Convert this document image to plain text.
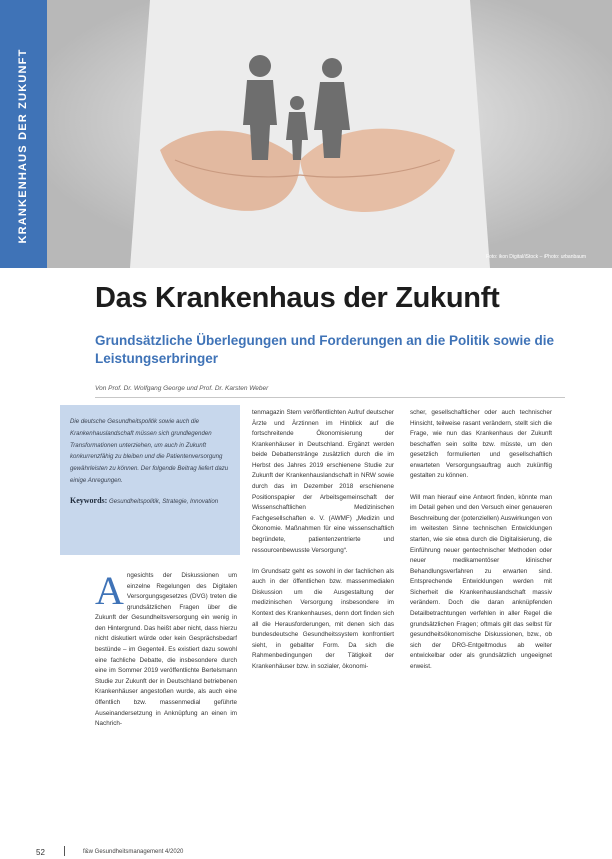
Foto: ikon Digital/iStock – iPhoto: urbanbaum
KRANKENHAUS DER ZUKUNFT
Das Krankenhaus der Zukunft
Grundsätzliche Überlegungen und Forderungen an die Politik sowie die Leistungserbringer

Von Prof. Dr. Wolfgang George und Prof. Dr. Karsten Weber

Die deutsche Gesundheitspolitik sowie auch die Krankenhauslandschaft müssen sich grundlegenden Transformationen unterziehen, um auch in Zukunft konkurrenzfähig zu bleiben und die Patientenversorgung gewährleisten zu können. Der folgende Beitrag liefert dazu einige Anregungen.

Keywords: Gesundheitspolitik, Strategie, Innovation

A ngesichts der Diskussionen um einzelne Regelungen des Digitalen Versorgungsgesetzes (DVG) treten die grundsätzlichen Fragen über die Zukunft der Gesundheitsversorgung ein wenig in den Hintergrund. Das heißt aber nicht, dass hierzu nicht diskutiert würde oder kein Gesprächsbedarf bestünde – im Gegenteil. Es existiert dazu sowohl eine fachliche Debatte, die insbesondere durch eine im Sommer 2019 veröffentlichte Bertelsmann Studie zur Zukunft der in Deutschland betriebenen Krankenhäuser angestoßen wurde, als auch eine öffentlich bzw. massenmedial geführte Auseinandersetzung in Anknüpfung an einen im Nachrich-

tenmagazin Stern veröffentlichten Aufruf deutscher Ärzte und Ärztinnen im Hinblick auf die fortschreitende Ökonomisierung der Krankenhäuser in Deutschland. Ergänzt werden beide Debattenstränge zusätzlich durch die im Herbst des Jahres 2019 erschienene Studie zur Zukunft der Krankenhauslandschaft in NRW sowie durch das im Dezember 2018 erschienene Positionspapier der Arbeitsgemeinschaft der Wissenschaftlichen Medizinischen Fachgesellschaften e. V. (AWMF) „Medizin und Ökonomie. Maßnahmen für eine wissenschaftlich begründete, patientenzentrierte und ressourcenbewusste Versorgung“.

Im Grundsatz geht es sowohl in der fachlichen als auch in der öffentlichen bzw. massenmedialen Diskussion um die Ausgestaltung der medizinischen Versorgung insbesondere im Kontext des Krankenhauses, denn dort finden sich all die Herausforderungen, mit denen sich das bundesdeutsche Gesundheitssystem konfrontiert sieht, in geballter Form. Da sich die Rahmenbedingungen der Tätigkeit der Krankenhäuser bzw. in sozialer, ökonomi-

scher, gesellschaftlicher oder auch technischer Hinsicht, teilweise rasant verändern, stellt sich die Frage, wie nun das Krankenhaus der Zukunft beschaffen sein sollte bzw. müsste, um den gesetzlich formulierten und gesellschaftlich erwarteten Versorgungsauftrag auch zukünftig gestalten zu können.

Will man hierauf eine Antwort finden, könnte man im Detail gehen und den Versuch einer genaueren Beschreibung der (potenziellen) Auswirkungen von im weitesten Sinne technischen Entwicklungen starten, wie sie etwa durch die Digitalisierung, die Einführung neuer gentechnischer Methoden oder neuer medikamentöser klinischer Behandlungsverfahren zu erwarten sind. Entsprechende Entwicklungen werden mit Sicherheit die Krankenhauslandschaft massiv verändern. Doch die daran anknüpfenden Detailbetrachtungen verfehlen in aller Regel die grundsätzlichen Fragen; oftmals gilt das selbst für gesundheitsökonomische Diskussionen, bzw., ob sich der DRG-Entgeltmodus ab weiter entwickelbar oder als grundsätzlich ungeeignet erweist.

52	f&w Gesundheitsmanagement 4/2020
